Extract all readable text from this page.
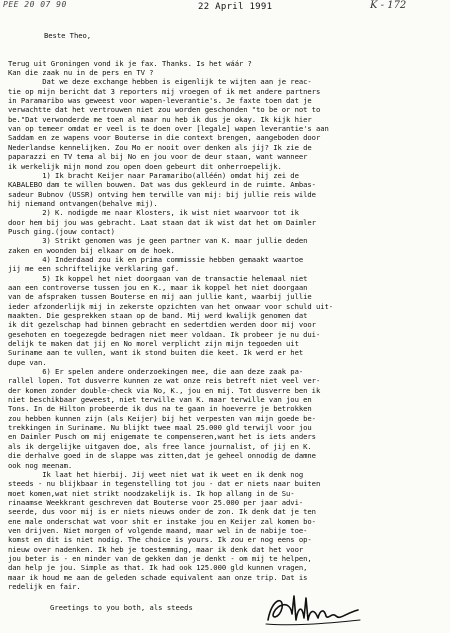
PEE 20 07 90	22 April 1991	K - 172

Beste Theo,

Terug uit Groningen vond ik je fax. Thanks. Is het wáár ?
Kan die zaak nu in de pers en TV ?
Dat we deze exchange hebben is eigenlijk te wijten aan je reac-
tie op mijn bericht dat 3 reporters mij vroegen of ik met andere partners
in Paramaribo was geweest voor wapen-leverantie's. Je faxte toen dat je
verwachtte dat het vertrouwen niet zou worden geschonden "to be or not to
be."Dat verwonderde me toen al maar nu heb ik dus je okay. Ik kijk hier
van op temeer omdat er veel is te doen over [legale] wapen leverantie's aan
Saddam en ze wapens voor Bouterse in die context brengen, aangeboden door
Nederlandse kennelijken. Zou Mo er nooit over denken als jij? Ik zie de
paparazzi en TV tema al bij No en jou voor de deur staan, want wanneer
ik werkelijk mijn mond zou open doen gebeurt dit onherroepelijk.
1) Ik bracht Keijer naar Paramaribo(alléén) omdat hij zei de
KABALEBO dam te willen bouwen. Dat was dus gekleurd in de ruimte. Ambas-
sadeur Bubnov (USSR) ontving hem terwille van mij: bij jullie reis wilde
hij niemand ontvangen(behalve mij).
2) K. nodigde me naar Klosters, ik wist niet waarvoor tot ik
door hem bij jou was gebracht. Laat staan dat ik wist dat het om Daimler
Pusch ging.(jouw contact)
3) Strikt genomen was je geen partner van K. maar jullie deden
zaken en woonden bij elkaar om de hoek.
4) Inderdaad zou ik en prima commissie hebben gemaakt waartoe
jij me een schriftelijke verklaring gaf.
5) Ik koppel het niet doorgaan van de transactie helemaal niet
aan een controverse tussen jou en K., maar ik koppel het niet doorgaan
van de afspraken tussen Bouterse en mij aan jullie kant, waarbij jullie
ieder afzonderlijk mij in zekerste opzichten van het onwaar voor schuld uit-
maakten. Die gesprekken staan op de band. Mij werd kwalijk genomen dat
ik dit gezelschap had binnen gebracht en sedertdien werden door mij voor
gesehoten en toegezegde bedragen niet meer voldaan. Ik probeer je nu dui-
delijk te maken dat jij en No morel verplicht zijn mijn tegoeden uit
Suriname aan te vullen, want ik stond buiten die keet. Ik werd er het
dupe van.
6) Er spelen andere onderzoekingen mee, die aan deze zaak pa-
rallel lopen. Tot dusverre kunnen ze wat onze reis betreft niet veel ver-
der komen zonder double-check via No, K., jou en mij. Tot dusverre ben ik
niet beschikbaar geweest, niet terwille van K. maar terwille van jou en
Tons. In de Hilton probeerde ik dus na te gaan in hoeverre je betrokken
zou hebben kunnen zijn (als Keijer) bij het verpesten van mijn goede be-
trekkingen in Suriname. Nu blijkt twee maal 25.000 gld terwijl voor jou
en Daimler Pusch om mij enigemate te compenseren,want het is iets anders
als ik dergelijke uitgaven doe, als free lance journalist, of jij en K.
die derhalve goed in de slappe was zitten,dat je geheel onnodig de damne
ook nog meenam.
Ik laat het hierbij. Jij weet niet wat ik weet en ik denk nog
steeds - nu blijkbaar in tegenstelling tot jou - dat er niets naar buiten
moet komen,wat niet strikt noodzakelijk is. Ik hop allang in de Su-
rinaamse Weekkrant geschreven dat Bouterse voor 25.000 per jaar advi-
seerde, dus voor mij is er niets nieuws onder de zon. Ik denk dat je ten
ene male onderschat wat voor shit er instake jou en Keijer zal komen bo-
ven drijven. Niet morgen of volgende maand, maar wel in de nabije toe-
komst en dit is niet nodig. The choice is yours. Ik zou er nog eens op-
nieuw over nadenken. Ik heb je toestemming, maar ik denk dat het voor
jou beter is - en minder van de gekken dan je denkt - om mij te helpen,
dan help je jou. Simple as that. Ik had ook 125.000 gld kunnen vragen,
maar ik houd me aan de geleden schade equivalent aan onze trip. Dat is
redelijk en fair.

Greetings to you both, als steeds
